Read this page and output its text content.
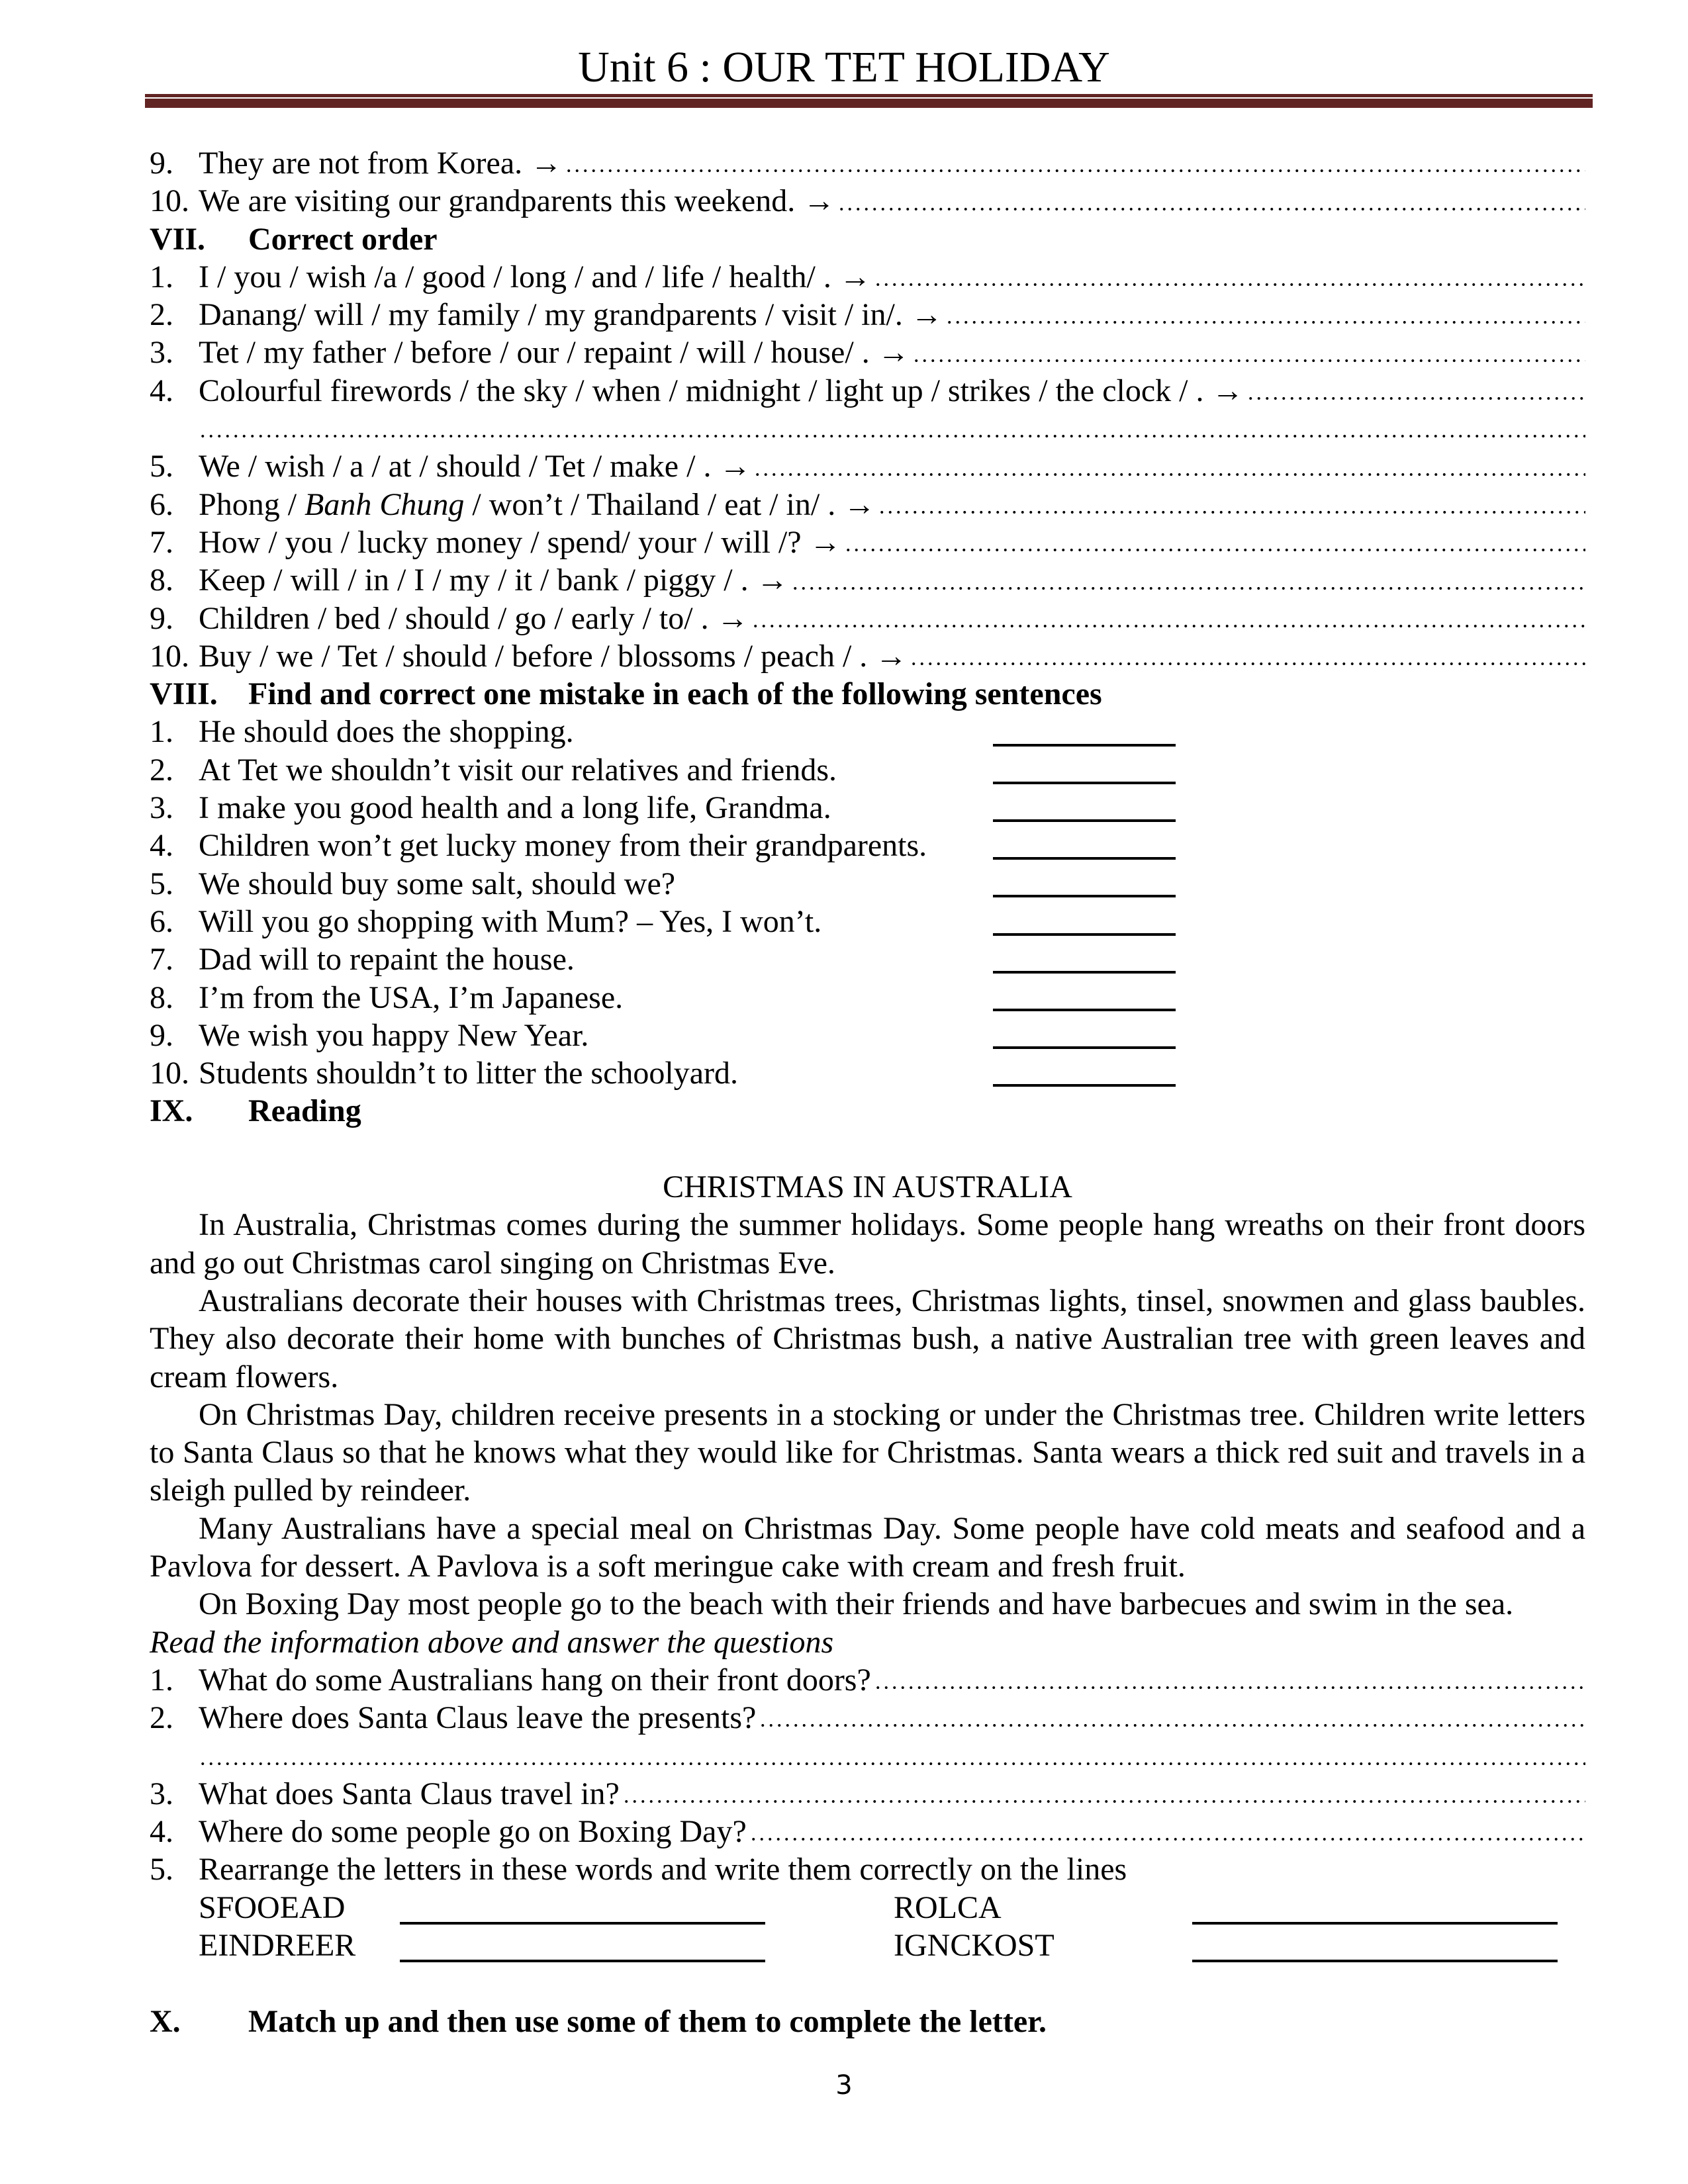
Unit 6 : OUR TET HOLIDAY
9. They are not from Korea. →
10. We are visiting our grandparents this weekend. →
VII.	Correct order
1. I / you / wish /a / good / long / and / life / health/ . →
2. Danang/ will / my family / my grandparents / visit / in/. →
3. Tet / my father / before / our / repaint / will / house/ . →
4. Colourful firewords / the sky / when / midnight / light up / strikes / the clock / . →
5. We / wish / a / at / should / Tet / make / . →
6. Phong / Banh Chung / won’t / Thailand / eat / in/ . →
7. How / you / lucky money / spend/ your / will /? →
8. Keep / will / in / I / my / it / bank / piggy / . →
9. Children / bed / should / go / early / to/ . →
10. Buy / we / Tet / should / before / blossoms / peach / . →
VIII. Find and correct one mistake in each of the following sentences
1. He should does the shopping.
2. At Tet we shouldn’t visit our relatives and friends.
3. I make you good health and a long life, Grandma.
4. Children won’t get lucky money from their grandparents.
5. We should buy some salt, should we?
6. Will you go shopping with Mum? – Yes, I won’t.
7. Dad will to repaint the house.
8. I’m from the USA, I’m Japanese.
9. We wish you happy New Year.
10. Students shouldn’t to litter the schoolyard.
IX.	Reading
CHRISTMAS IN AUSTRALIA

In Australia, Christmas comes during the summer holidays. Some people hang wreaths on their front doors and go out Christmas carol singing on Christmas Eve.

Australians decorate their houses with Christmas trees, Christmas lights, tinsel, snowmen and glass baubles. They also decorate their home with bunches of Christmas bush, a native Australian tree with green leaves and cream flowers.

On Christmas Day, children receive presents in a stocking or under the Christmas tree. Children write letters to Santa Claus so that he knows what they would like for Christmas. Santa wears a thick red suit and travels in a sleigh pulled by reindeer.

Many Australians have a special meal on Christmas Day. Some people have cold meats and seafood and a Pavlova for dessert. A Pavlova is a soft meringue cake with cream and fresh fruit.

On Boxing Day most people go to the beach with their friends and have barbecues and swim in the sea.

Read the information above and answer the questions
1. What do some Australians hang on their front doors?
2. Where does Santa Claus leave the presents?
3. What does Santa Claus travel in?
4. Where do some people go on Boxing Day?
5. Rearrange the letters in these words and write them correctly on the lines
SFOOEAD	ROLCA
EINDREER	IGNCKOST
X.	Match up and then use some of them to complete the letter.
3
